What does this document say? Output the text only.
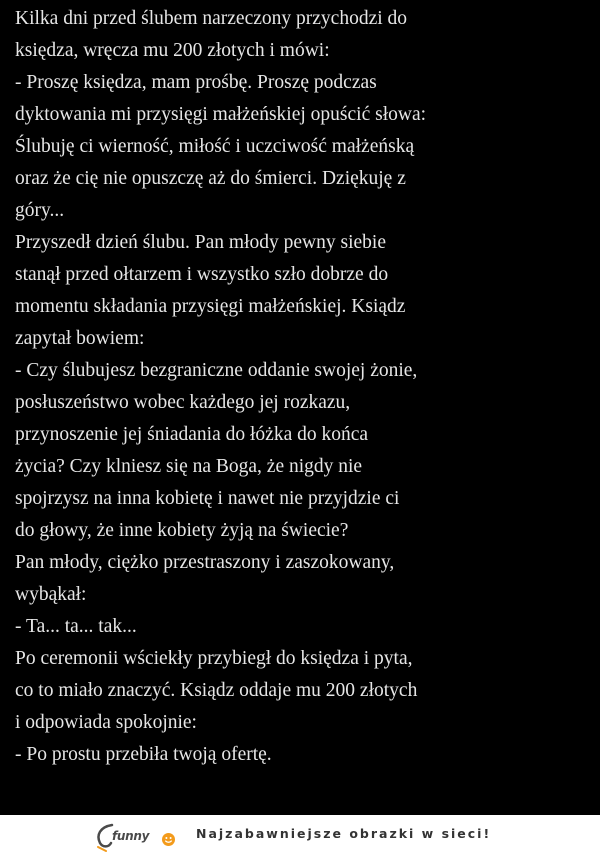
Kilka dni przed ślubem narzeczony przychodzi do
księdza, wręcza mu 200 złotych i mówi:
- Proszę księdza, mam prośbę. Proszę podczas
dyktowania mi przysięgi małżeńskiej opuścić słowa:
Ślubuję ci wierność, miłość i uczciwość małżeńską
oraz że cię nie opuszczę aż do śmierci. Dziękuję z
góry...
Przyszedł dzień ślubu. Pan młody pewny siebie
stanął przed ołtarzem i wszystko szło dobrze do
momentu składania przysięgi małżeńskiej. Ksiądz
zapytał bowiem:
- Czy ślubujesz bezgraniczne oddanie swojej żonie,
posłuszeństwo wobec każdego jej rozkazu,
przynoszenie jej śniadania do łóżka do końca
życia? Czy klniesz się na Boga, że nigdy nie
spojrzysz na inna kobietę i nawet nie przyjdzie ci
do głowy, że inne kobiety żyją na świecie?
Pan młody, ciężko przestraszony i zaszokowany,
wybąkał:
- Ta... ta... tak...
Po ceremonii wściekły przybiegł do księdza i pyta,
co to miało znaczyć. Ksiądz oddaje mu 200 złotych
i odpowiada spokojnie:
- Po prostu przebiła twoją ofertę.
funny	Najzabawniejsze obrazki w sieci!
